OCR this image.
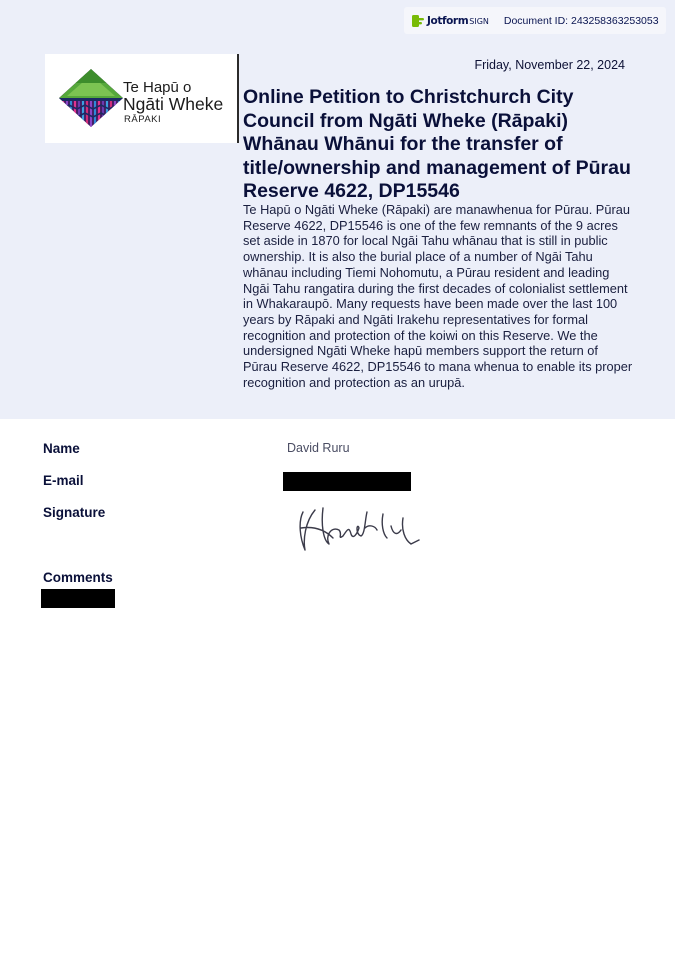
Jotform SIGN Document ID: 243258363253053
Te Hapū o
Ngāti Wheke
RĀPAKI
Friday, November 22, 2024
Online Petition to Christchurch City Council from Ngāti Wheke (Rāpaki) Whānau Whānui for the transfer of title/ownership and management of Pūrau Reserve 4622, DP15546
Te Hapū o Ngāti Wheke (Rāpaki) are manawhenua for Pūrau. Pūrau Reserve 4622, DP15546 is one of the few remnants of the 9 acres set aside in 1870 for local Ngāi Tahu whānau that is still in public ownership. It is also the burial place of a number of Ngāi Tahu whānau including Tiemi Nohomutu, a Pūrau resident and leading Ngāi Tahu rangatira during the first decades of colonialist settlement in Whakaraupō. Many requests have been made over the last 100 years by Rāpaki and Ngāti Irakehu representatives for formal recognition and protection of the koiwi on this Reserve. We the undersigned Ngāti Wheke hapū members support the return of Pūrau Reserve 4622, DP15546 to mana whenua to enable its proper recognition and protection as an urupā.
Name	David Ruru
E-mail
Signature
Comments
